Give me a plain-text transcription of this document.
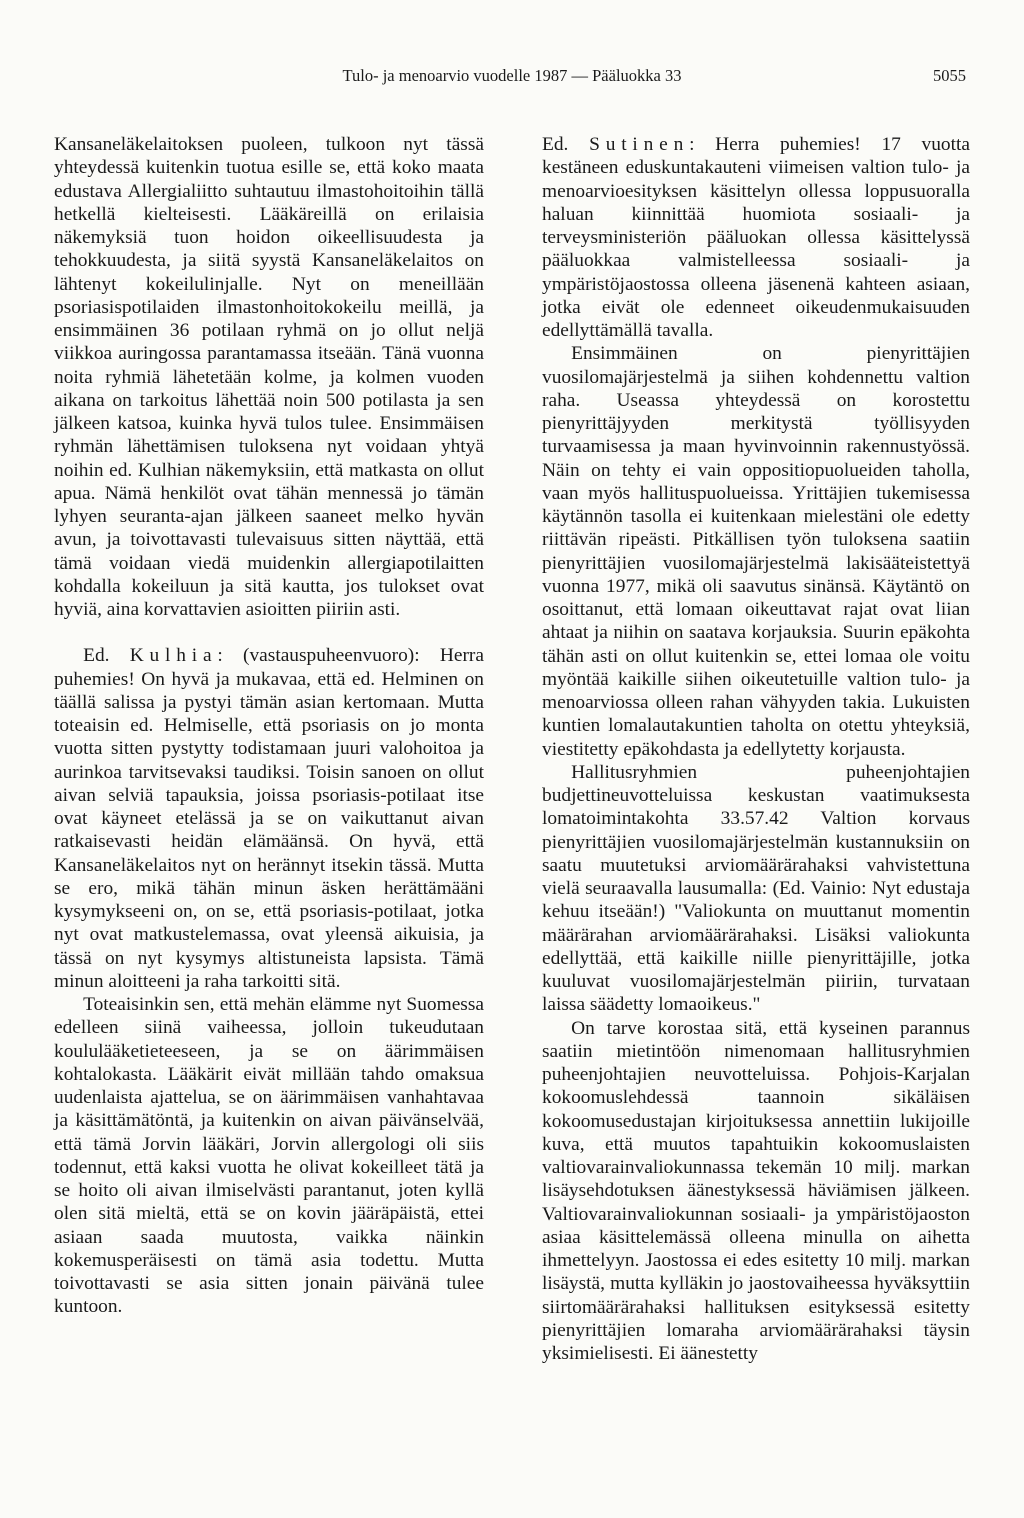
Tulo- ja menoarvio vuodelle 1987 — Pääluokka 33	5055

Kansaneläkelaitoksen puoleen, tulkoon nyt tässä yhteydessä kuitenkin tuotua esille se, että koko maata edustava Allergialiitto suhtautuu ilmastohoitoihin tällä hetkellä kielteisesti. Lääkäreillä on erilaisia näkemyksiä tuon hoidon oikeellisuudesta ja tehokkuudesta, ja siitä syystä Kansaneläkelaitos on lähtenyt kokeilulinjalle. Nyt on meneillään psoriasispotilaiden ilmastonhoitokokeilu meillä, ja ensimmäinen 36 potilaan ryhmä on jo ollut neljä viikkoa auringossa parantamassa itseään. Tänä vuonna noita ryhmiä lähetetään kolme, ja kolmen vuoden aikana on tarkoitus lähettää noin 500 potilasta ja sen jälkeen katsoa, kuinka hyvä tulos tulee. Ensimmäisen ryhmän lähettämisen tuloksena nyt voidaan yhtyä noihin ed. Kulhian näkemyksiin, että matkasta on ollut apua. Nämä henkilöt ovat tähän mennessä jo tämän lyhyen seuranta-ajan jälkeen saaneet melko hyvän avun, ja toivottavasti tulevaisuus sitten näyttää, että tämä voidaan viedä muidenkin allergiapotilaitten kohdalla kokeiluun ja sitä kautta, jos tulokset ovat hyviä, aina korvattavien asioitten piiriin asti.

Ed. Kulhia: (vastauspuheenvuoro): Herra puhemies! On hyvä ja mukavaa, että ed. Helminen on täällä salissa ja pystyi tämän asian kertomaan. Mutta toteaisin ed. Helmiselle, että psoriasis on jo monta vuotta sitten pystytty todistamaan juuri valohoitoa ja aurinkoa tarvitsevaksi taudiksi. Toisin sanoen on ollut aivan selviä tapauksia, joissa psoriasis-potilaat itse ovat käyneet etelässä ja se on vaikuttanut aivan ratkaisevasti heidän elämäänsä. On hyvä, että Kansaneläkelaitos nyt on herännyt itsekin tässä. Mutta se ero, mikä tähän minun äsken herättämääni kysymykseeni on, on se, että psoriasis-potilaat, jotka nyt ovat matkustelemassa, ovat yleensä aikuisia, ja tässä on nyt kysymys altistuneista lapsista. Tämä minun aloitteeni ja raha tarkoitti sitä.

Toteaisinkin sen, että mehän elämme nyt Suomessa edelleen siinä vaiheessa, jolloin tukeudutaan koululääketieteeseen, ja se on äärimmäisen kohtalokasta. Lääkärit eivät millään tahdo omaksua uudenlaista ajattelua, se on äärimmäisen vanhahtavaa ja käsittämätöntä, ja kuitenkin on aivan päivänselvää, että tämä Jorvin lääkäri, Jorvin allergologi oli siis todennut, että kaksi vuotta he olivat kokeilleet tätä ja se hoito oli aivan ilmiselvästi parantanut, joten kyllä olen sitä mieltä, että se on kovin jääräpäistä, ettei asiaan saada muutosta, vaikka näinkin kokemusperäisesti on tämä asia todettu. Mutta toivottavasti se asia sitten jonain päivänä tulee kuntoon.

Ed. Sutinen: Herra puhemies! 17 vuotta kestäneen eduskuntakauteni viimeisen valtion tulo- ja menoarvioesityksen käsittelyn ollessa loppusuoralla haluan kiinnittää huomiota sosiaali- ja terveysministeriön pääluokan ollessa käsittelyssä pääluokkaa valmistelleessa sosiaali- ja ympäristöjaostossa olleena jäsenenä kahteen asiaan, jotka eivät ole edenneet oikeudenmukaisuuden edellyttämällä tavalla.

Ensimmäinen on pienyrittäjien vuosilomajärjestelmä ja siihen kohdennettu valtion raha. Useassa yhteydessä on korostettu pienyrittäjyyden merkitystä työllisyyden turvaamisessa ja maan hyvinvoinnin rakennustyössä. Näin on tehty ei vain oppositiopuolueiden taholla, vaan myös hallituspuolueissa. Yrittäjien tukemisessa käytännön tasolla ei kuitenkaan mielestäni ole edetty riittävän ripeästi. Pitkällisen työn tuloksena saatiin pienyrittäjien vuosilomajärjestelmä lakisääteistettyä vuonna 1977, mikä oli saavutus sinänsä. Käytäntö on osoittanut, että lomaan oikeuttavat rajat ovat liian ahtaat ja niihin on saatava korjauksia. Suurin epäkohta tähän asti on ollut kuitenkin se, ettei lomaa ole voitu myöntää kaikille siihen oikeutetuille valtion tulo- ja menoarviossa olleen rahan vähyyden takia. Lukuisten kuntien lomalautakuntien taholta on otettu yhteyksiä, viestitetty epäkohdasta ja edellytetty korjausta.

Hallitusryhmien puheenjohtajien budjettineuvotteluissa keskustan vaatimuksesta lomatoimintakohta 33.57.42 Valtion korvaus pienyrittäjien vuosilomajärjestelmän kustannuksiin on saatu muutetuksi arviomäärärahaksi vahvistettuna vielä seuraavalla lausumalla: (Ed. Vainio: Nyt edustaja kehuu itseään!) "Valiokunta on muuttanut momentin määrärahan arviomäärärahaksi. Lisäksi valiokunta edellyttää, että kaikille niille pienyrittäjille, jotka kuuluvat vuosilomajärjestelmän piiriin, turvataan laissa säädetty lomaoikeus."

On tarve korostaa sitä, että kyseinen parannus saatiin mietintöön nimenomaan hallitusryhmien puheenjohtajien neuvotteluissa. Pohjois-Karjalan kokoomuslehdessä taannoin sikäläisen kokoomusedustajan kirjoituksessa annettiin lukijoille kuva, että muutos tapahtuikin kokoomuslaisten valtiovarainvaliokunnassa tekemän 10 milj. markan lisäysehdotuksen äänestyksessä häviämisen jälkeen. Valtiovarainvaliokunnan sosiaali- ja ympäristöjaoston asiaa käsittelemässä olleena minulla on aihetta ihmettelyyn. Jaostossa ei edes esitetty 10 milj. markan lisäystä, mutta kylläkin jo jaostovaiheessa hyväksyttiin siirtomäärärahaksi hallituksen esityksessä esitetty pienyrittäjien lomaraha arviomäärärahaksi täysin yksimielisesti. Ei äänestetty
